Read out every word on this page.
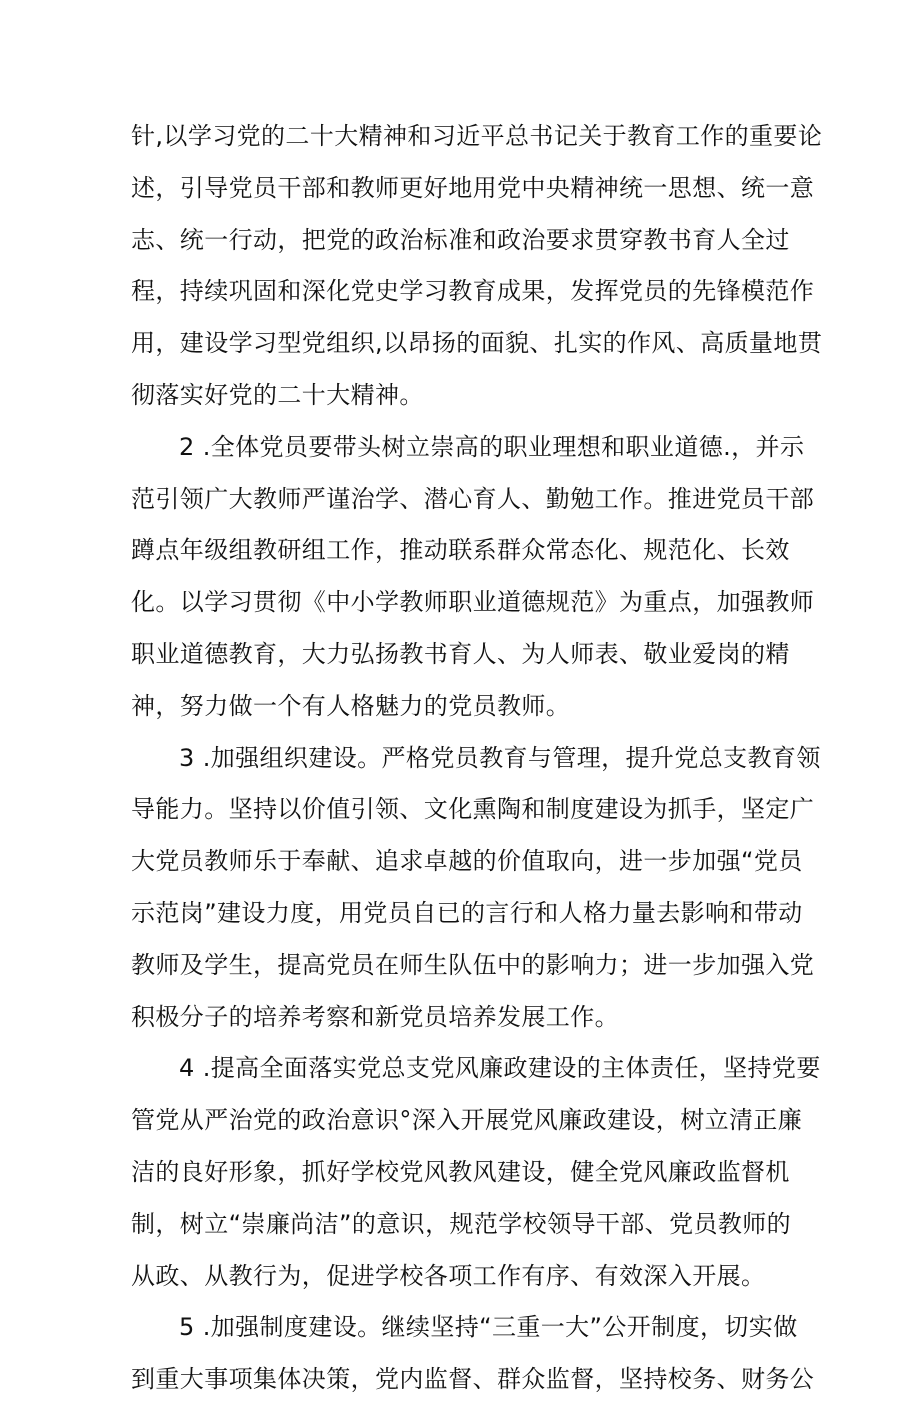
针,以学习党的二十大精神和习近平总书记关于教育工作的重要论
述，引导党员干部和教师更好地用党中央精神统一思想、统一意
志、统一行动，把党的政治标准和政治要求贯穿教书育人全过
程，持续巩固和深化党史学习教育成果，发挥党员的先锋模范作
用，建设学习型党组织,以昂扬的面貌、扎实的作风、高质量地贯
彻落实好党的二十大精神。

2 .全体党员要带头树立崇高的职业理想和职业道德.，并示
范引领广大教师严谨治学、潜心育人、勤勉工作。推进党员干部
蹲点年级组教研组工作，推动联系群众常态化、规范化、长效
化。以学习贯彻《中小学教师职业道德规范》为重点，加强教师
职业道德教育，大力弘扬教书育人、为人师表、敬业爱岗的精
神，努力做一个有人格魅力的党员教师。

3 .加强组织建设。严格党员教育与管理，提升党总支教育领
导能力。坚持以价值引领、文化熏陶和制度建设为抓手，坚定广
大党员教师乐于奉献、追求卓越的价值取向，进一步加强“党员
示范岗”建设力度，用党员自已的言行和人格力量去影响和带动
教师及学生，提高党员在师生队伍中的影响力；进一步加强入党
积极分子的培养考察和新党员培养发展工作。

4 .提高全面落实党总支党风廉政建设的主体责任，坚持党要
管党从严治党的政治意识°深入开展党风廉政建设，树立清正廉
洁的良好形象，抓好学校党风教风建设，健全党风廉政监督机
制，树立“崇廉尚洁”的意识，规范学校领导干部、党员教师的
从政、从教行为，促进学校各项工作有序、有效深入开展。

5 .加强制度建设。继续坚持“三重一大”公开制度，切实做
到重大事项集体决策，党内监督、群众监督，坚持校务、财务公
